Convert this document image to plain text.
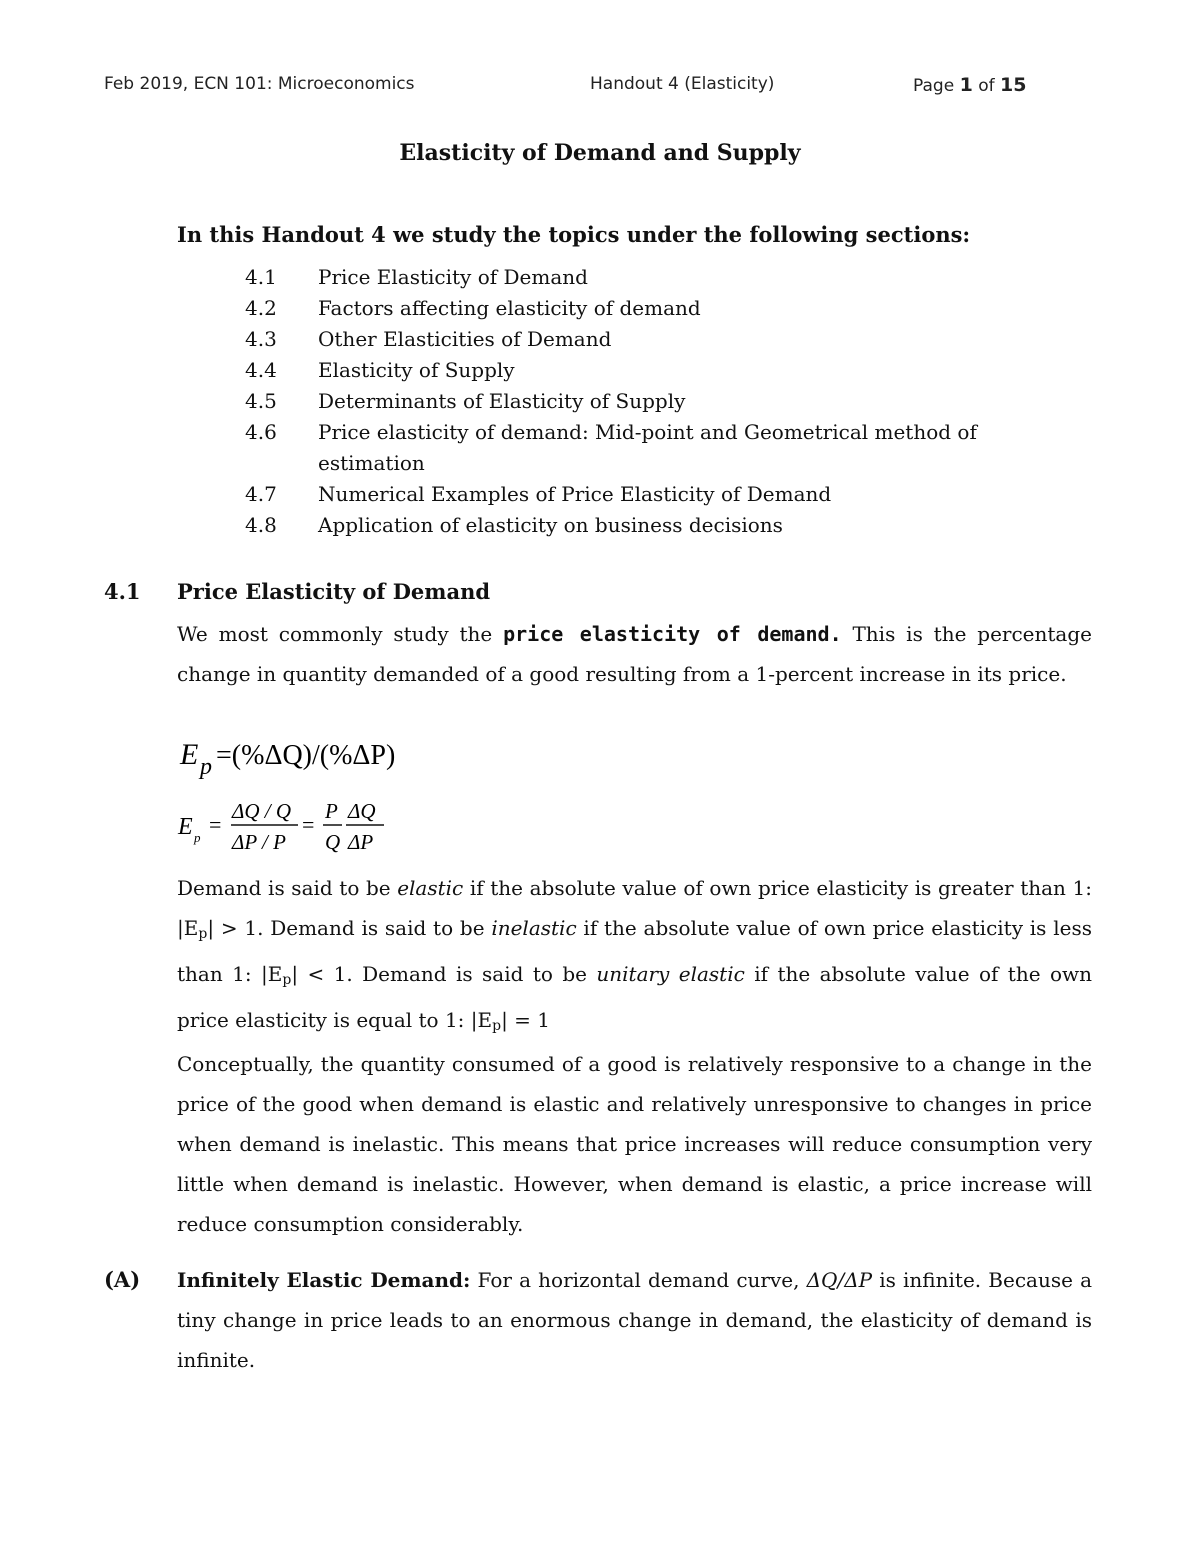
Feb 2019, ECN 101: Microeconomics	Handout 4 (Elasticity)	Page 1 of 15
Elasticity of Demand and Supply
In this Handout 4 we study the topics under the following sections:
4.1	Price Elasticity of Demand
4.2	Factors affecting elasticity of demand
4.3	Other Elasticities of Demand
4.4	Elasticity of Supply
4.5	Determinants of Elasticity of Supply
4.6	Price elasticity of demand: Mid-point and Geometrical method of estimation
4.7	Numerical Examples of Price Elasticity of Demand
4.8	Application of elasticity on business decisions
4.1 Price Elasticity of Demand
We most commonly study the price elasticity of demand. This is the percentage change in quantity demanded of a good resulting from a 1-percent increase in its price.
E p =(%ΔQ)/(%ΔP)
E p
=
ΔQ / Q
ΔP / P
=
P
Q
ΔQ
ΔP
Demand is said to be elastic if the absolute value of own price elasticity is greater than 1: $|E_p| > 1$. Demand is said to be inelastic if the absolute value of own price elasticity is less than 1: $|E_p| < 1$. Demand is said to be unitary elastic if the absolute value of the own price elasticity is equal to 1: $|E_p| = 1$
Conceptually, the quantity consumed of a good is relatively responsive to a change in the price of the good when demand is elastic and relatively unresponsive to changes in price when demand is inelastic. This means that price increases will reduce consumption very little when demand is inelastic. However, when demand is elastic, a price increase will reduce consumption considerably.
(A) Infinitely Elastic Demand: For a horizontal demand curve, ΔQ/ΔP is infinite. Because a tiny change in price leads to an enormous change in demand, the elasticity of demand is infinite.
